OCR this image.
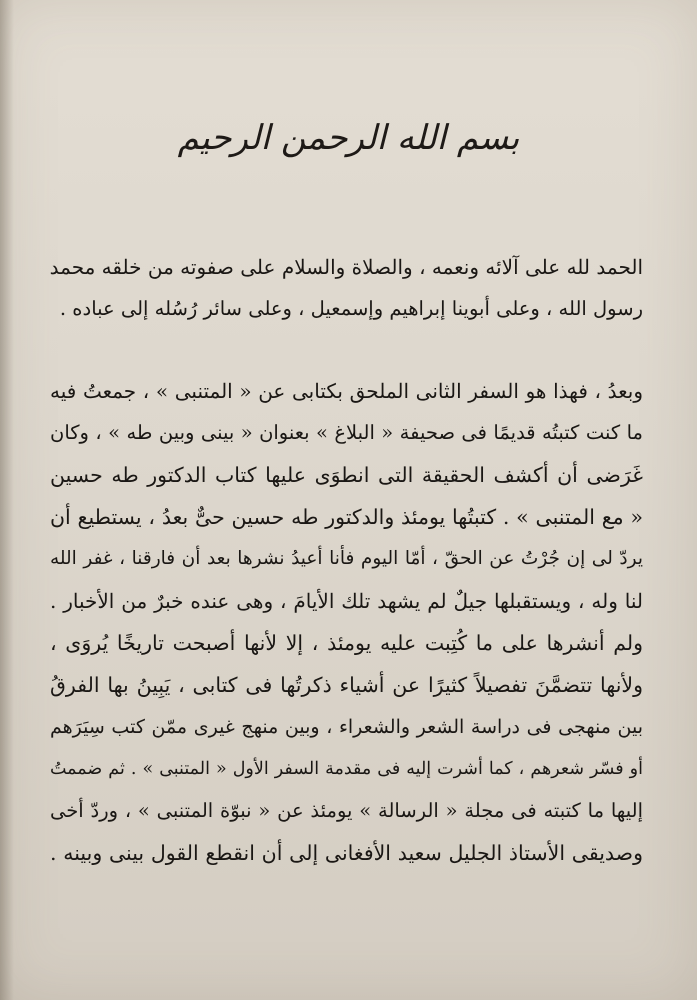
بسم الله الرحمن الرحيم
الحمد لله على آلائه ونعمه ، والصلاة والسلام على صفوته من خلقه محمد
رسول الله ، وعلى أبوينا إبراهيم وإسمعيل ، وعلى سائر رُسُله إلى عباده .
وبعدُ ، فهذا هو السفر الثانى الملحق بكتابى عن « المتنبى » ، جمعتُ فيه
ما كنت كتبتُه قديمًا فى صحيفة « البلاغ » بعنوان « بينى وبين طه » ، وكان
غَرَضى أن أكشف الحقيقة التى انطوَى عليها كتاب الدكتور طه حسين
« مع المتنبى » . كتبتُها يومئذ والدكتور طه حسين حىٌّ بعدُ ، يستطيع أن
يردّ لى إن جُرْتُ عن الحقّ ، أمّا اليوم فأنا أعيدُ نشرها بعد أن فارقنا ، غفر الله
لنا وله ، ويستقبلها جيلٌ لم يشهد تلك الأيامَ ، وهى عنده خبرٌ من الأخبار .
ولم أنشرها على ما كُتِبت عليه يومئذ ، إلا لأنها أصبحت تاريخًا يُروَى ،
ولأنها تتضمَّنَ تفصيلاً كثيرًا عن أشياء ذكرتُها فى كتابى ، يَبِينُ بها الفرقُ
بين منهجى فى دراسة الشعر والشعراء ، وبين منهج غيرى ممّن كتب سِيَرَهم
أو فسّر شعرهم ، كما أشرت إليه فى مقدمة السفر الأول « المتنبى » . ثم ضممتُ
إليها ما كتبته فى مجلة « الرسالة » يومئذ عن « نبوّة المتنبى » ، وردّ أخى
وصديقى الأستاذ الجليل سعيد الأفغانى إلى أن انقطع القول بينى وبينه .
